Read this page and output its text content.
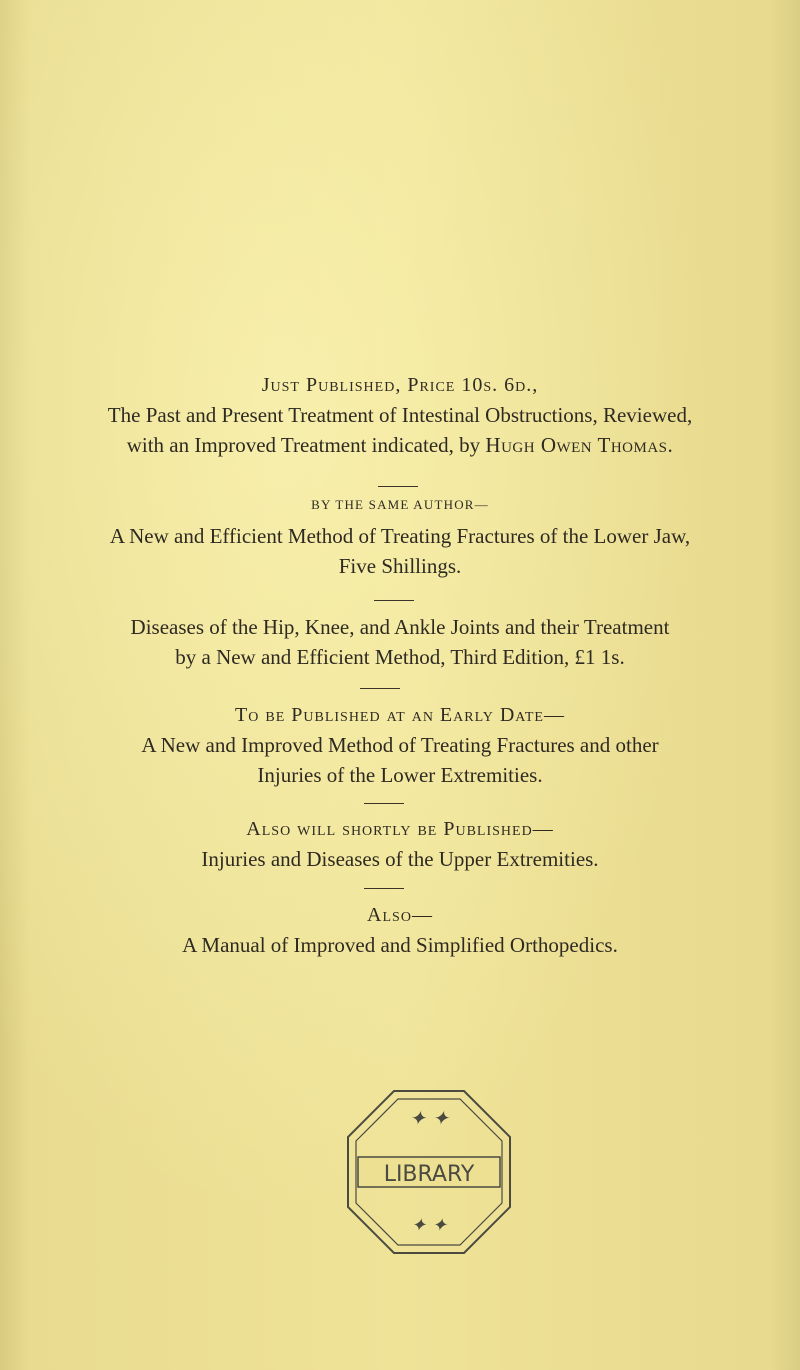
Just Published, Price 10s. 6d.,
The Past and Present Treatment of Intestinal Obstructions, Reviewed,
with an Improved Treatment indicated, by Hugh Owen Thomas.
BY THE SAME AUTHOR—
A New and Efficient Method of Treating Fractures of the Lower Jaw,
Five Shillings.
Diseases of the Hip, Knee, and Ankle Joints and their Treatment
by a New and Efficient Method, Third Edition, £1 1s.
To be Published at an Early Date—
A New and Improved Method of Treating Fractures and other
Injuries of the Lower Extremities.
Also will shortly be Published—
Injuries and Diseases of the Upper Extremities.
Also—
A Manual of Improved and Simplified Orthopedics.
LIBRARY
✦ ✦
✦ ✦
